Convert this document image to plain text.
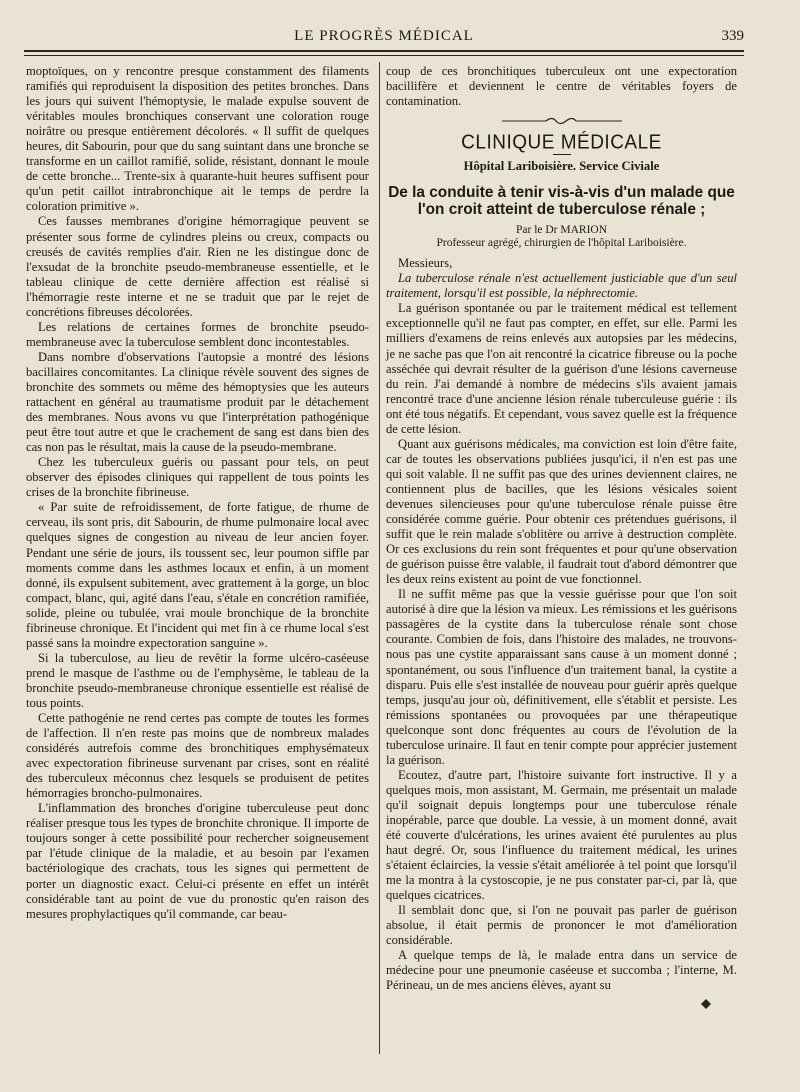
LE PROGRÈS MÉDICAL	339

moptoïques, on y rencontre presque constamment des filaments ramifiés qui reproduisent la disposition des petites bronches. Dans les jours qui suivent l'hémoptysie, le malade expulse souvent de véritables moules bronchiques conservant une coloration rouge noirâtre ou presque entièrement décolorés. « Il suffit de quelques heures, dit Sabourin, pour que du sang suintant dans une bronche se transforme en un caillot ramifié, solide, résistant, donnant le moule de cette bronche... Trente-six à quarante-huit heures suffisent pour qu'un petit caillot intrabronchique ait le temps de perdre la coloration primitive ».

Ces fausses membranes d'origine hémorragique peuvent se présenter sous forme de cylindres pleins ou creux, compacts ou creusés de cavités remplies d'air. Rien ne les distingue donc de l'exsudat de la bronchite pseudo-membraneuse essentielle, et le tableau clinique de cette dernière affection est réalisé si l'hémorragie reste interne et ne se traduit que par le rejet de concrétions fibreuses décolorées.

Les relations de certaines formes de bronchite pseudo-membraneuse avec la tuberculose semblent donc incontestables.

Dans nombre d'observations l'autopsie a montré des lésions bacillaires concomitantes. La clinique révèle souvent des signes de bronchite des sommets ou même des hémoptysies que les auteurs rattachent en général au traumatisme produit par le détachement des membranes. Nous avons vu que l'interprétation pathogénique peut être tout autre et que le crachement de sang est dans bien des cas non pas le résultat, mais la cause de la pseudo-membrane.

Chez les tuberculeux guéris ou passant pour tels, on peut observer des épisodes cliniques qui rappellent de tous points les crises de la bronchite fibrineuse.

« Par suite de refroidissement, de forte fatigue, de rhume de cerveau, ils sont pris, dit Sabourin, de rhume pulmonaire local avec quelques signes de congestion au niveau de leur ancien foyer. Pendant une série de jours, ils toussent sec, leur poumon siffle par moments comme dans les asthmes locaux et enfin, à un moment donné, ils expulsent subitement, avec grattement à la gorge, un bloc compact, blanc, qui, agité dans l'eau, s'étale en concrétion ramifiée, solide, pleine ou tubulée, vrai moule bronchique de la bronchite fibrineuse chronique. Et l'incident qui met fin à ce rhume local s'est passé sans la moindre expectoration sanguine ».

Si la tuberculose, au lieu de revêtir la forme ulcéro-caséeuse prend le masque de l'asthme ou de l'emphysème, le tableau de la bronchite pseudo-membraneuse chronique essentielle est réalisé de tous points.

Cette pathogénie ne rend certes pas compte de toutes les formes de l'affection. Il n'en reste pas moins que de nombreux malades considérés autrefois comme des bronchitiques emphysémateux avec expectoration fibrineuse survenant par crises, sont en réalité des tuberculeux méconnus chez lesquels se produisent de petites hémorragies broncho-pulmonaires.

L'inflammation des bronches d'origine tuberculeuse peut donc réaliser presque tous les types de bronchite chronique. Il importe de toujours songer à cette possibilité pour rechercher soigneusement par l'étude clinique de la maladie, et au besoin par l'examen bactériologique des crachats, tous les signes qui permettent de porter un diagnostic exact. Celui-ci présente en effet un intérêt considérable tant au point de vue du pronostic qu'en raison des mesures prophylactiques qu'il commande, car beau-

coup de ces bronchitiques tuberculeux ont une expectoration bacillifère et deviennent le centre de véritables foyers de contamination.

CLINIQUE MÉDICALE
Hôpital Lariboisière. Service Civiale
De la conduite à tenir vis-à-vis d'un malade que l'on croit atteint de tuberculose rénale ;
Par le Dr MARION
Professeur agrégé, chirurgien de l'hôpital Lariboisière.

Messieurs,

La tuberculose rénale n'est actuellement justiciable que d'un seul traitement, lorsqu'il est possible, la néphrectomie.

La guérison spontanée ou par le traitement médical est tellement exceptionnelle qu'il ne faut pas compter, en effet, sur elle. Parmi les milliers d'examens de reins enlevés aux autopsies par les médecins, je ne sache pas que l'on ait rencontré la cicatrice fibreuse ou la poche asséchée qui devrait résulter de la guérison d'une lésions caverneuse du rein. J'ai demandé à nombre de médecins s'ils avaient jamais rencontré trace d'une ancienne lésion rénale tuberculeuse guérie : ils ont été tous négatifs. Et cependant, vous savez quelle est la fréquence de cette lésion.

Quant aux guérisons médicales, ma conviction est loin d'être faite, car de toutes les observations publiées jusqu'ici, il n'en est pas une qui soit valable. Il ne suffit pas que des urines deviennent claires, ne contiennent plus de bacilles, que les lésions vésicales soient devenues silencieuses pour qu'une tuberculose rénale puisse être considérée comme guérie. Pour obtenir ces prétendues guérisons, il suffit que le rein malade s'oblitère ou arrive à destruction complète. Or ces exclusions du rein sont fréquentes et pour qu'une observation de guérison puisse être valable, il faudrait tout d'abord démontrer que les deux reins existent au point de vue fonctionnel.

Il ne suffit même pas que la vessie guérisse pour que l'on soit autorisé à dire que la lésion va mieux. Les rémissions et les guérisons passagères de la cystite dans la tuberculose rénale sont chose courante. Combien de fois, dans l'histoire des malades, ne trouvons-nous pas une cystite apparaissant sans cause à un moment donné ; spontanément, ou sous l'influence d'un traitement banal, la cystite a disparu. Puis elle s'est installée de nouveau pour guérir après quelque temps, jusqu'au jour où, définitivement, elle s'établit et persiste. Les rémissions spontanées ou provoquées par une thérapeutique quelconque sont donc fréquentes au cours de l'évolution de la tuberculose urinaire. Il faut en tenir compte pour apprécier justement la guérison.

Ecoutez, d'autre part, l'histoire suivante fort instructive. Il y a quelques mois, mon assistant, M. Germain, me présentait un malade qu'il soignait depuis longtemps pour une tuberculose rénale inopérable, parce que double. La vessie, à un moment donné, avait été couverte d'ulcérations, les urines avaient été purulentes au plus haut degré. Or, sous l'influence du traitement médical, les urines s'étaient éclaircies, la vessie s'était améliorée à tel point que lorsqu'il me la montra à la cystoscopie, je ne pus constater par-ci, par là, que quelques cicatrices.

Il semblait donc que, si l'on ne pouvait pas parler de guérison absolue, il était permis de prononcer le mot d'amélioration considérable.

A quelque temps de là, le malade entra dans un service de médecine pour une pneumonie caséeuse et succomba ; l'interne, M. Périneau, un de mes anciens élèves, ayant su
